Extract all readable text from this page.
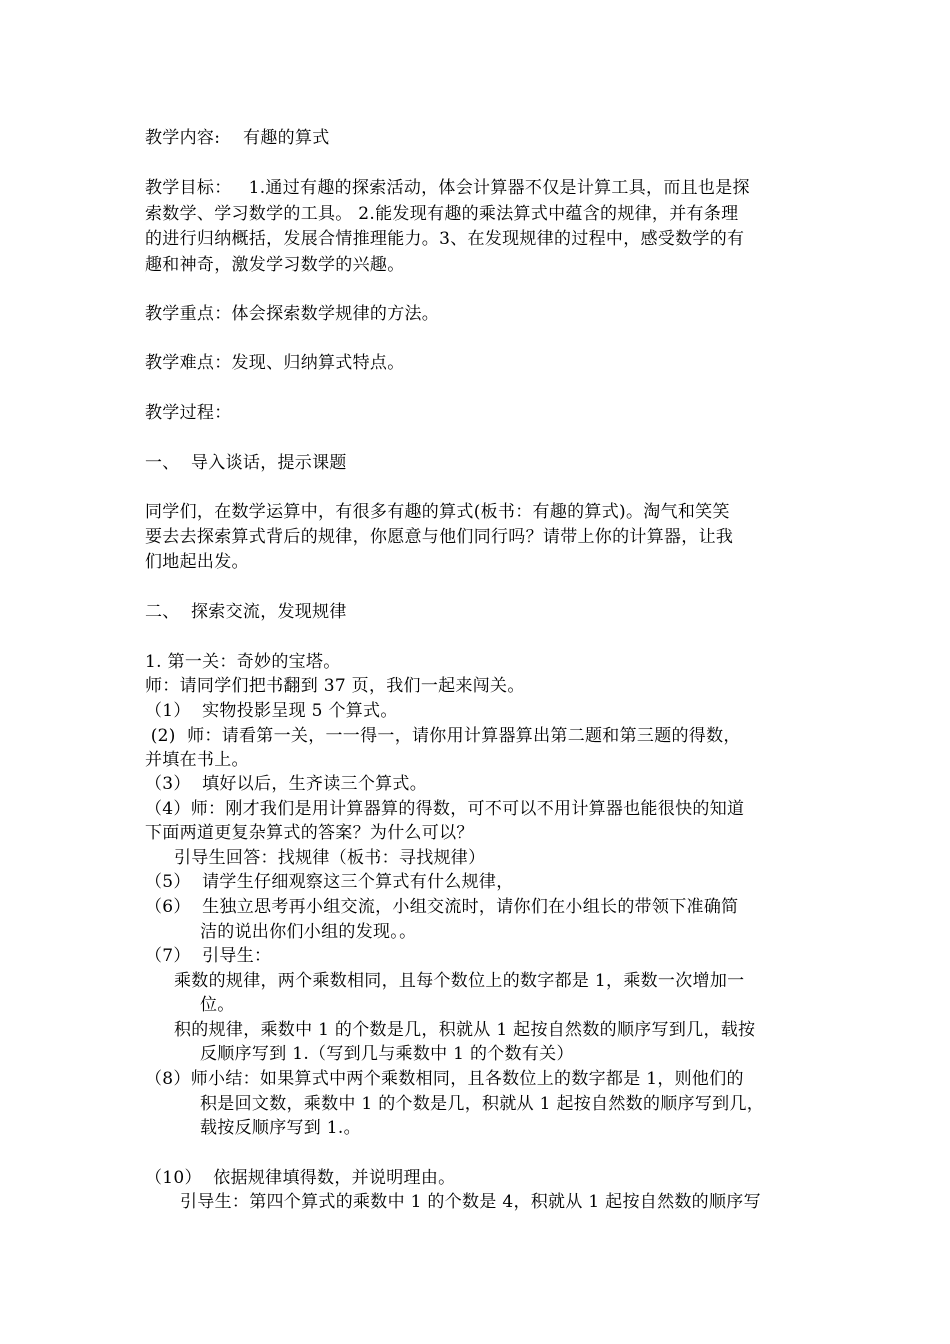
教学内容:    有趣的算式
教学目标：   1.通过有趣的探索活动，体会计算器不仅是计算工具，而且也是探
索数学、学习数学的工具。 2.能发现有趣的乘法算式中蕴含的规律，并有条理
的进行归纳概括，发展合情推理能力。3、在发现规律的过程中，感受数学的有
趣和神奇，激发学习数学的兴趣。
教学重点：体会探索数学规律的方法。
教学难点：发现、归纳算式特点。
教学过程：
一、  导入谈话，提示课题
同学们，在数学运算中，有很多有趣的算式(板书：有趣的算式)。淘气和笑笑
要去去探索算式背后的规律，你愿意与他们同行吗？请带上你的计算器，让我
们地起出发。
二、  探索交流，发现规律
1. 第一关：奇妙的宝塔。
师：请同学们把书翻到 37 页，我们一起来闯关。
（1）  实物投影呈现 5 个算式。
(2)  师：请看第一关，一一得一，请你用计算器算出第二题和第三题的得数，
并填在书上。
（3）  填好以后，生齐读三个算式。
（4）师：刚才我们是用计算器算的得数，可不可以不用计算器也能很快的知道
下面两道更复杂算式的答案？为什么可以？
引导生回答：找规律（板书：寻找规律）
（5）  请学生仔细观察这三个算式有什么规律，
（6）  生独立思考再小组交流，小组交流时，请你们在小组长的带领下准确简
洁的说出你们小组的发现。。
（7）  引导生：
乘数的规律，两个乘数相同，且每个数位上的数字都是 1，乘数一次增加一
位。
积的规律，乘数中 1 的个数是几，积就从 1 起按自然数的顺序写到几，载按
反顺序写到 1.（写到几与乘数中 1 的个数有关）
（8）师小结：如果算式中两个乘数相同，且各数位上的数字都是 1，则他们的
积是回文数，乘数中 1 的个数是几，积就从 1 起按自然数的顺序写到几，
载按反顺序写到 1.。
（10）  依据规律填得数，并说明理由。
引导生：第四个算式的乘数中 1 的个数是 4，积就从 1 起按自然数的顺序写
